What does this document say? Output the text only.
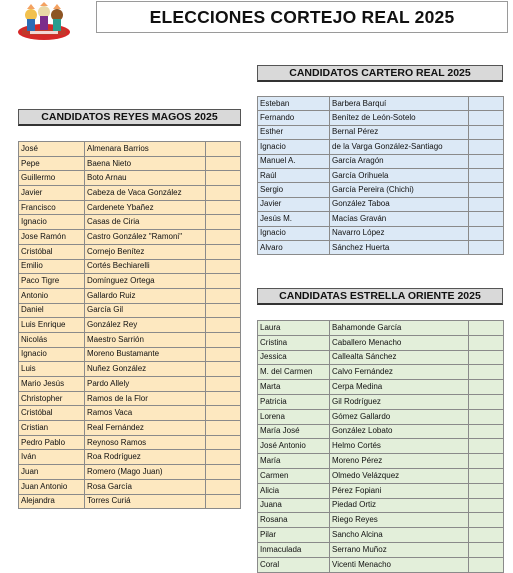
ELECCIONES CORTEJO REAL 2025
CANDIDATOS REYES MAGOS 2025
José	Almenara Barrios	
Pepe	Baena Nieto	
Guillermo	Boto Arnau	
Javier	Cabeza de Vaca González	
Francisco	Cardenete Ybañez	
Ignacio	Casas de Ciria	
Jose Ramón	Castro González "Ramoni"	
Cristóbal	Cornejo Benítez	
Emilio	Cortés Bechiarelli	
Paco Tigre	Domínguez Ortega	
Antonio	Gallardo Ruiz	
Daniel	García Gil	
Luis Enrique	González Rey	
Nicolás	Maestro Sarrión	
Ignacio	Moreno Bustamante	
Luis	Nuñez González	
Mario Jesús	Pardo Allely	
Christopher	Ramos de la Flor	
Cristóbal	Ramos Vaca	
Cristian	Real Fernández	
Pedro Pablo	Reynoso Ramos	
Iván	Roa Rodríguez	
Juan	Romero (Mago Juan)	
Juan Antonio	Rosa García	
Alejandra	Torres Curiá	
CANDIDATOS CARTERO REAL 2025
Esteban	Barbera Barquí	
Fernando	Benítez de León-Sotelo	
Esther	Bernal Pérez	
Ignacio	de la Varga González-Santiago	
Manuel A.	García Aragón	
Raúl	García Orihuela	
Sergio	García Pereira (Chichi)	
Javier	González Taboa	
Jesús M.	Macías Graván	
Ignacio	Navarro López	
Alvaro	Sánchez Huerta	
CANDIDATAS ESTRELLA ORIENTE 2025
Laura	Bahamonde García	
Cristina	Caballero Menacho	
Jessica	Callealta Sánchez	
M. del Carmen	Calvo Fernández	
Marta	Cerpa Medina	
Patricia	Gil Rodríguez	
Lorena	Gómez Gallardo	
María José	González Lobato	
José Antonio	Helmo Cortés	
María	Moreno Pérez	
Carmen	Olmedo Velázquez	
Alicia	Pérez Fopiani	
Juana	Piedad Ortiz	
Rosana	Riego Reyes	
Pilar	Sancho Alcina	
Inmaculada	Serrano Muñoz	
Coral	Vicenti Menacho	
